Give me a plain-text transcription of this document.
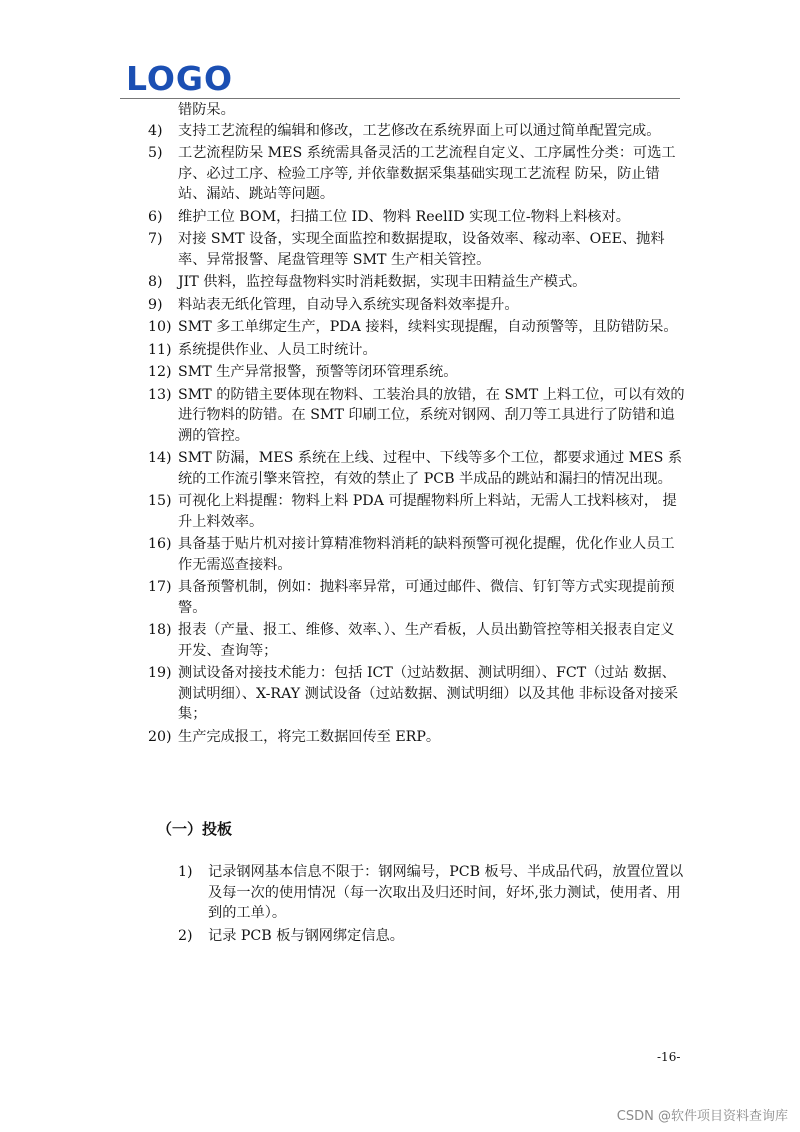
LOGO
错防呆。
4)	支持工艺流程的编辑和修改，工艺修改在系统界面上可以通过简单配置完成。
5)	工艺流程防呆 MES 系统需具备灵活的工艺流程自定义、工序属性分类：可选工序、必过工序、检验工序等, 并依靠数据采集基础实现工艺流程 防呆，防止错站、漏站、跳站等问题。
6)	维护工位 BOM，扫描工位 ID、物料 ReelID 实现工位-物料上料核对。
7)	对接 SMT 设备，实现全面监控和数据提取，设备效率、稼动率、OEE、抛料率、异常报警、尾盘管理等 SMT 生产相关管控。
8)	JIT 供料，监控每盘物料实时消耗数据，实现丰田精益生产模式。
9)	料站表无纸化管理，自动导入系统实现备料效率提升。
10) SMT 多工单绑定生产，PDA 接料，续料实现提醒，自动预警等，且防错防呆。
11) 系统提供作业、人员工时统计。
12) SMT 生产异常报警，预警等闭环管理系统。
13) SMT 的防错主要体现在物料、工装治具的放错，在 SMT 上料工位，可以有效的进行物料的防错。在 SMT 印刷工位，系统对钢网、刮刀等工具进行了防错和追溯的管控。
14) SMT 防漏，MES 系统在上线、过程中、下线等多个工位，都要求通过 MES 系统的工作流引擎来管控，有效的禁止了 PCB 半成品的跳站和漏扫的情况出现。
15) 可视化上料提醒：物料上料 PDA 可提醒物料所上料站，无需人工找料核对， 提升上料效率。
16) 具备基于贴片机对接计算精准物料消耗的缺料预警可视化提醒，优化作业人员工作无需巡查接料。
17) 具备预警机制，例如：抛料率异常，可通过邮件、微信、钉钉等方式实现提前预警。
18) 报表（产量、报工、维修、效率、）、生产看板，人员出勤管控等相关报表自定义开发、查询等；
19) 测试设备对接技术能力：包括 ICT（过站数据、测试明细）、FCT（过站 数据、测试明细）、X-RAY 测试设备（过站数据、测试明细）以及其他 非标设备对接采集；
20) 生产完成报工，将完工数据回传至 ERP。
（一）投板
1)	记录钢网基本信息不限于：钢网编号，PCB 板号、半成品代码，放置位置以及每一次的使用情况（每一次取出及归还时间，好坏,张力测试，使用者、用到的工单）。
2)	记录 PCB 板与钢网绑定信息。
-16-
CSDN @软件项目资料查询库
